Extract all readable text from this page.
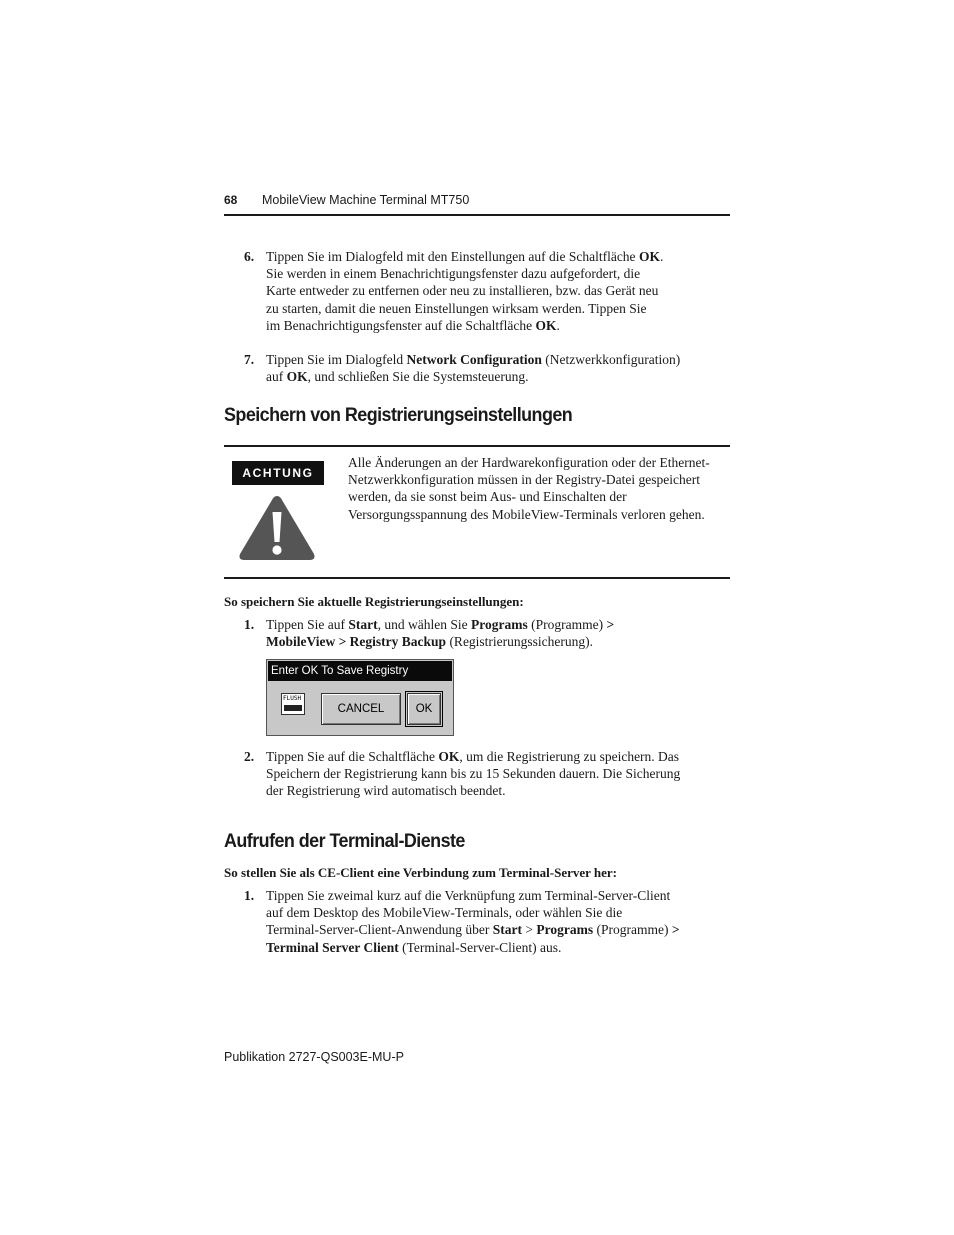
68 MobileView Machine Terminal MT750
6. Tippen Sie im Dialogfeld mit den Einstellungen auf die Schaltfläche OK.
Sie werden in einem Benachrichtigungsfenster dazu aufgefordert, die
Karte entweder zu entfernen oder neu zu installieren, bzw. das Gerät neu
zu starten, damit die neuen Einstellungen wirksam werden. Tippen Sie
im Benachrichtigungsfenster auf die Schaltfläche OK.
7. Tippen Sie im Dialogfeld Network Configuration (Netzwerkkonfiguration)
auf OK, und schließen Sie die Systemsteuerung.
Speichern von Registrierungseinstellungen
ACHTUNG
Alle Änderungen an der Hardwarekonfiguration oder der Ethernet-Netzwerkkonfiguration müssen in der Registry-Datei gespeichert werden, da sie sonst beim Aus- und Einschalten der Versorgungsspannung des MobileView-Terminals verloren gehen.
So speichern Sie aktuelle Registrierungseinstellungen:
1. Tippen Sie auf Start, und wählen Sie Programs (Programme) >
MobileView > Registry Backup (Registrierungssicherung).
Enter OK To Save Registry
FLUSH
CANCEL	OK
2. Tippen Sie auf die Schaltfläche OK, um die Registrierung zu speichern. Das
Speichern der Registrierung kann bis zu 15 Sekunden dauern. Die Sicherung
der Registrierung wird automatisch beendet.
Aufrufen der Terminal-Dienste
So stellen Sie als CE-Client eine Verbindung zum Terminal-Server her:
1. Tippen Sie zweimal kurz auf die Verknüpfung zum Terminal-Server-Client
auf dem Desktop des MobileView-Terminals, oder wählen Sie die
Terminal-Server-Client-Anwendung über Start > Programs (Programme) >
Terminal Server Client (Terminal-Server-Client) aus.
Publikation 2727-QS003E-MU-P
